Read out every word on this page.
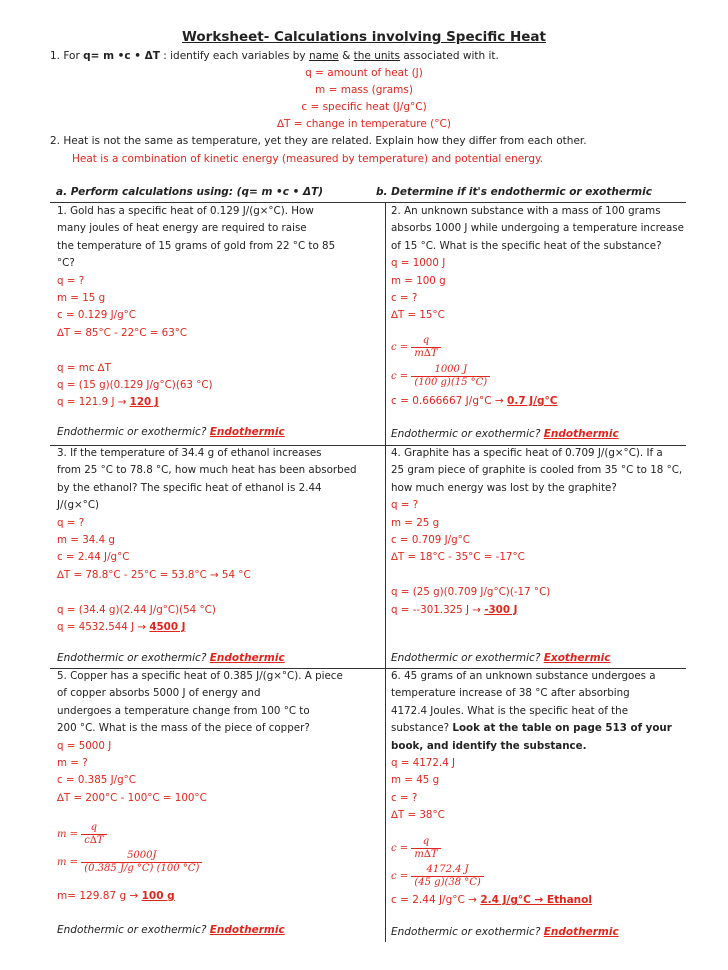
Worksheet- Calculations involving Specific Heat
1. For q= m •c • ΔT : identify each variables by name & the units associated with it.
q = amount of heat (J)
m = mass (grams)
c = specific heat (J/g°C)
∆T = change in temperature (°C)
2. Heat is not the same as temperature, yet they are related. Explain how they differ from each other.
Heat is a combination of kinetic energy (measured by temperature) and potential energy.
a. Perform calculations using: (q= m •c • ΔT)	b. Determine if it's endothermic or exothermic
1. Gold has a specific heat of 0.129 J/(g×°C). How
many joules of heat energy are required to raise
the temperature of 15 grams of gold from 22 °C to 85
°C?
q = ?
m = 15 g
c = 0.129 J/g°C
∆T = 85°C - 22°C = 63°C
q = mc ∆T
q = (15 g)(0.129 J/g°C)(63 °C)
q = 121.9 J → 120 J
Endothermic or exothermic? Endothermic
2. An unknown substance with a mass of 100 grams
absorbs 1000 J while undergoing a temperature increase
of 15 °C. What is the specific heat of the substance?
q = 1000 J
m = 100 g
c = ?
∆T = 15°C
$c = \frac{q}{m\Delta T}$
$c = \frac{1000 J}{(100 g)(15 ^\circ C)}$
c = 0.666667 J/g°C → 0.7 J/g°C
Endothermic or exothermic? Endothermic
3. If the temperature of 34.4 g of ethanol increases
from 25 °C to 78.8 °C, how much heat has been absorbed
by the ethanol? The specific heat of ethanol is 2.44
J/(g×°C)
q = ?
m = 34.4 g
c = 2.44 J/g°C
∆T = 78.8°C - 25°C = 53.8°C → 54 °C
q = (34.4 g)(2.44 J/g°C)(54 °C)
q = 4532.544 J → 4500 J
Endothermic or exothermic? Endothermic
4. Graphite has a specific heat of 0.709 J/(g×°C). If a
25 gram piece of graphite is cooled from 35 °C to 18 °C,
how much energy was lost by the graphite?
q = ?
m = 25 g
c = 0.709 J/g°C
∆T = 18°C - 35°C = -17°C
q = (25 g)(0.709 J/g°C)(-17 °C)
q = --301.325 J → -300 J
Endothermic or exothermic? Exothermic
5. Copper has a specific heat of 0.385 J/(g×°C). A piece
of copper absorbs 5000 J of energy and
undergoes a temperature change from 100 °C to
200 °C. What is the mass of the piece of copper?
q = 5000 J
m = ?
c = 0.385 J/g°C
∆T = 200°C - 100°C = 100°C
$m = \frac{q}{c\Delta T}$
$m = \frac{5000J}{(0.385 J/g ^\circ C) (100 ^\circ C)}$
m= 129.87 g → 100 g
Endothermic or exothermic? Endothermic
6. 45 grams of an unknown substance undergoes a
temperature increase of 38 °C after absorbing
4172.4 Joules. What is the specific heat of the
substance? Look at the table on page 513 of your
book, and identify the substance.
q = 4172.4 J
m = 45 g
c = ?
∆T = 38°C
$c = \frac{q}{m\Delta T}$
$c = \frac{4172.4 J}{(45 g)(38 ^\circ C)}$
c = 2.44 J/g°C → 2.4 J/g°C → Ethanol
Endothermic or exothermic? Endothermic
